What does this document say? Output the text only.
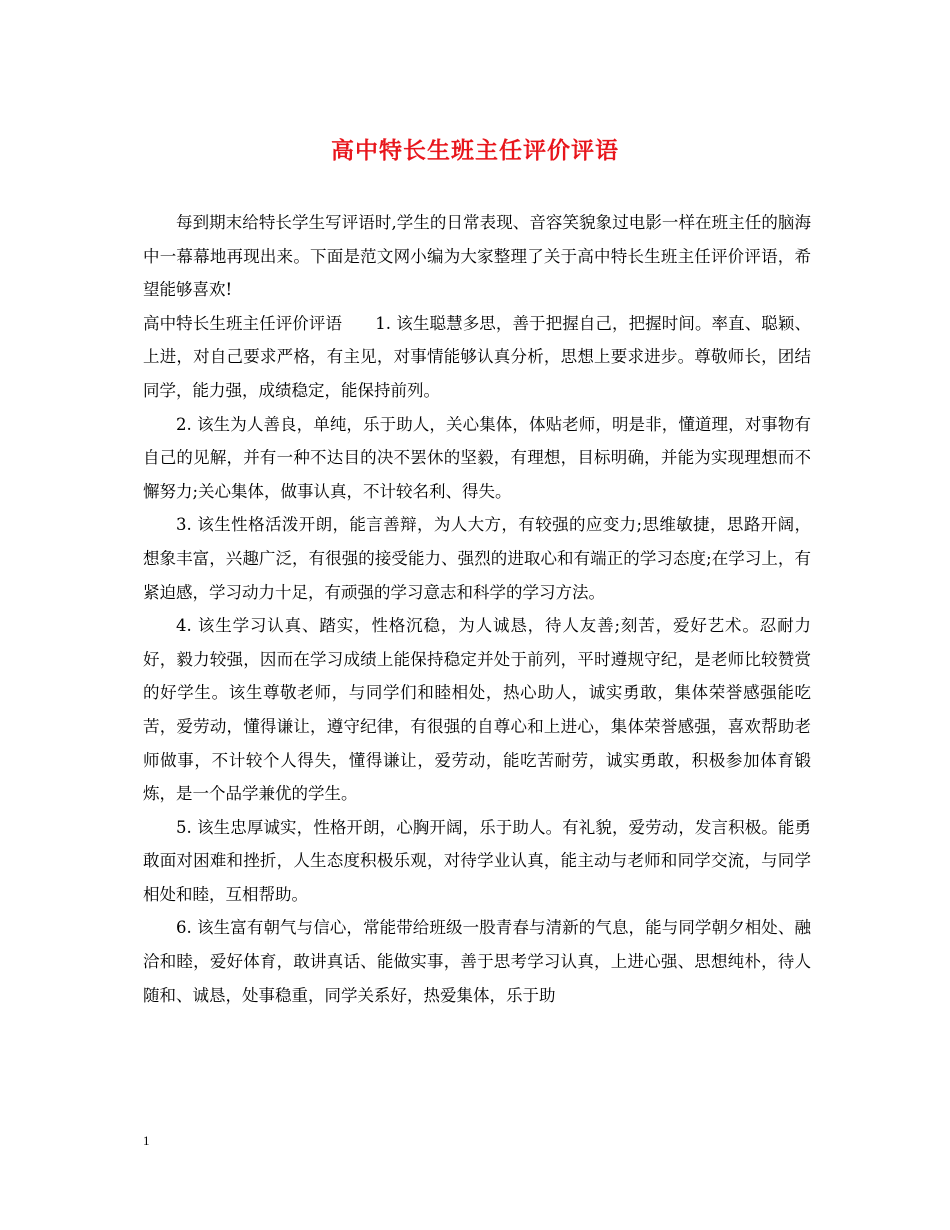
高中特长生班主任评价评语

每到期末给特长学生写评语时,学生的日常表现、音容笑貌象过电影一样在班主任的脑海中一幕幕地再现出来。下面是范文网小编为大家整理了关于高中特长生班主任评价评语，希望能够喜欢!

高中特长生班主任评价评语　　1. 该生聪慧多思，善于把握自己，把握时间。率直、聪颖、上进，对自己要求严格，有主见，对事情能够认真分析，思想上要求进步。尊敬师长，团结同学，能力强，成绩稳定，能保持前列。

2. 该生为人善良，单纯，乐于助人，关心集体，体贴老师，明是非，懂道理，对事物有自己的见解，并有一种不达目的决不罢休的坚毅，有理想，目标明确，并能为实现理想而不懈努力;关心集体，做事认真，不计较名利、得失。

3. 该生性格活泼开朗，能言善辩，为人大方，有较强的应变力;思维敏捷，思路开阔，想象丰富，兴趣广泛，有很强的接受能力、强烈的进取心和有端正的学习态度;在学习上，有紧迫感，学习动力十足，有顽强的学习意志和科学的学习方法。

4. 该生学习认真、踏实，性格沉稳，为人诚恳，待人友善;刻苦，爱好艺术。忍耐力好，毅力较强，因而在学习成绩上能保持稳定并处于前列，平时遵规守纪，是老师比较赞赏的好学生。该生尊敬老师，与同学们和睦相处，热心助人，诚实勇敢，集体荣誉感强能吃苦，爱劳动，懂得谦让，遵守纪律，有很强的自尊心和上进心，集体荣誉感强，喜欢帮助老师做事，不计较个人得失，懂得谦让，爱劳动，能吃苦耐劳，诚实勇敢，积极参加体育锻炼，是一个品学兼优的学生。

5. 该生忠厚诚实，性格开朗，心胸开阔，乐于助人。有礼貌，爱劳动，发言积极。能勇敢面对困难和挫折，人生态度积极乐观，对待学业认真，能主动与老师和同学交流，与同学相处和睦，互相帮助。

6. 该生富有朝气与信心，常能带给班级一股青春与清新的气息，能与同学朝夕相处、融洽和睦，爱好体育，敢讲真话、能做实事，善于思考学习认真，上进心强、思想纯朴，待人随和、诚恳，处事稳重，同学关系好，热爱集体，乐于助

1
